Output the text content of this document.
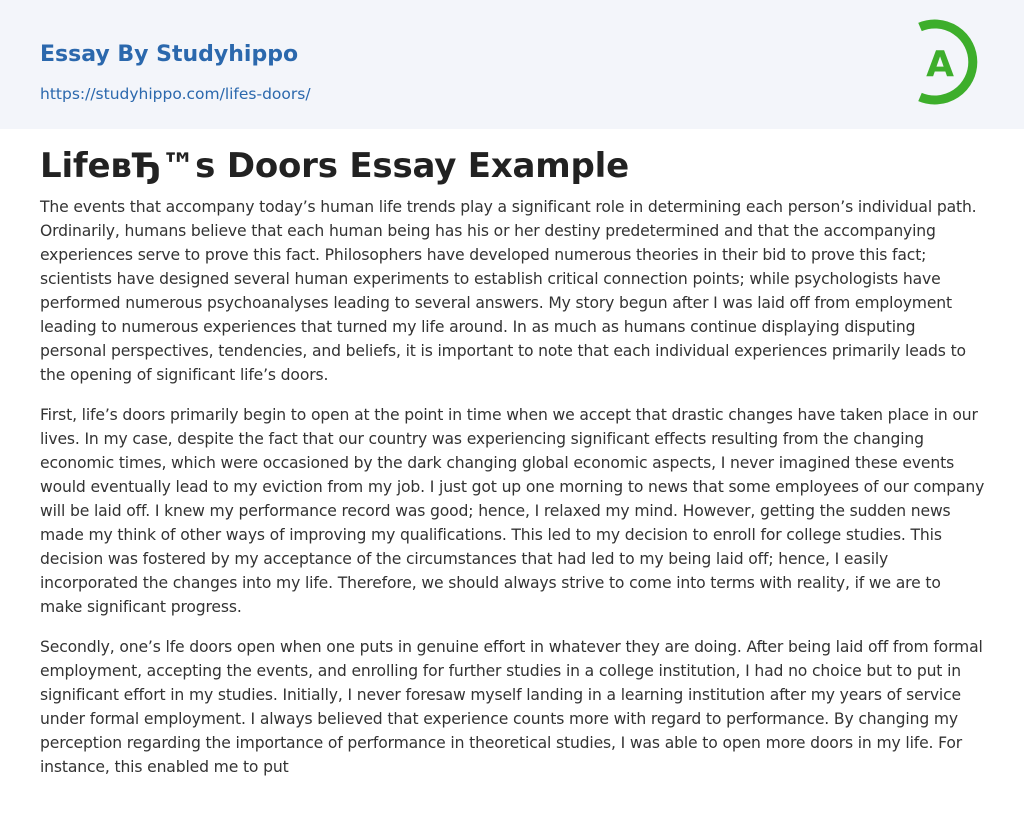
Essay By Studyhippo
https://studyhippo.com/lifes-doors/
A
LifeвЂ™s Doors Essay Example

The events that accompany today’s human life trends play a significant role in determining each person’s individual path. Ordinarily, humans believe that each human being has his or her destiny predetermined and that the accompanying experiences serve to prove this fact. Philosophers have developed numerous theories in their bid to prove this fact; scientists have designed several human experiments to establish critical connection points; while psychologists have performed numerous psychoanalyses leading to several answers. My story begun after I was laid off from employment leading to numerous experiences that turned my life around. In as much as humans continue displaying disputing personal perspectives, tendencies, and beliefs, it is important to note that each individual experiences primarily leads to the opening of significant life’s doors.

First, life’s doors primarily begin to open at the point in time when we accept that drastic changes have taken place in our lives. In my case, despite the fact that our country was experiencing significant effects resulting from the changing economic times, which were occasioned by the dark changing global economic aspects, I never imagined these events would eventually lead to my eviction from my job. I just got up one morning to news that some employees of our company will be laid off. I knew my performance record was good; hence, I relaxed my mind. However, getting the sudden news made my think of other ways of improving my qualifications. This led to my decision to enroll for college studies. This decision was fostered by my acceptance of the circumstances that had led to my being laid off; hence, I easily incorporated the changes into my life. Therefore, we should always strive to come into terms with reality, if we are to make significant progress.

Secondly, one’s lfe doors open when one puts in genuine effort in whatever they are doing. After being laid off from formal employment, accepting the events, and enrolling for further studies in a college institution, I had no choice but to put in significant effort in my studies. Initially, I never foresaw myself landing in a learning institution after my years of service under formal employment. I always believed that experience counts more with regard to performance. By changing my perception regarding the importance of performance in theoretical studies, I was able to open more doors in my life. For instance, this enabled me to put
